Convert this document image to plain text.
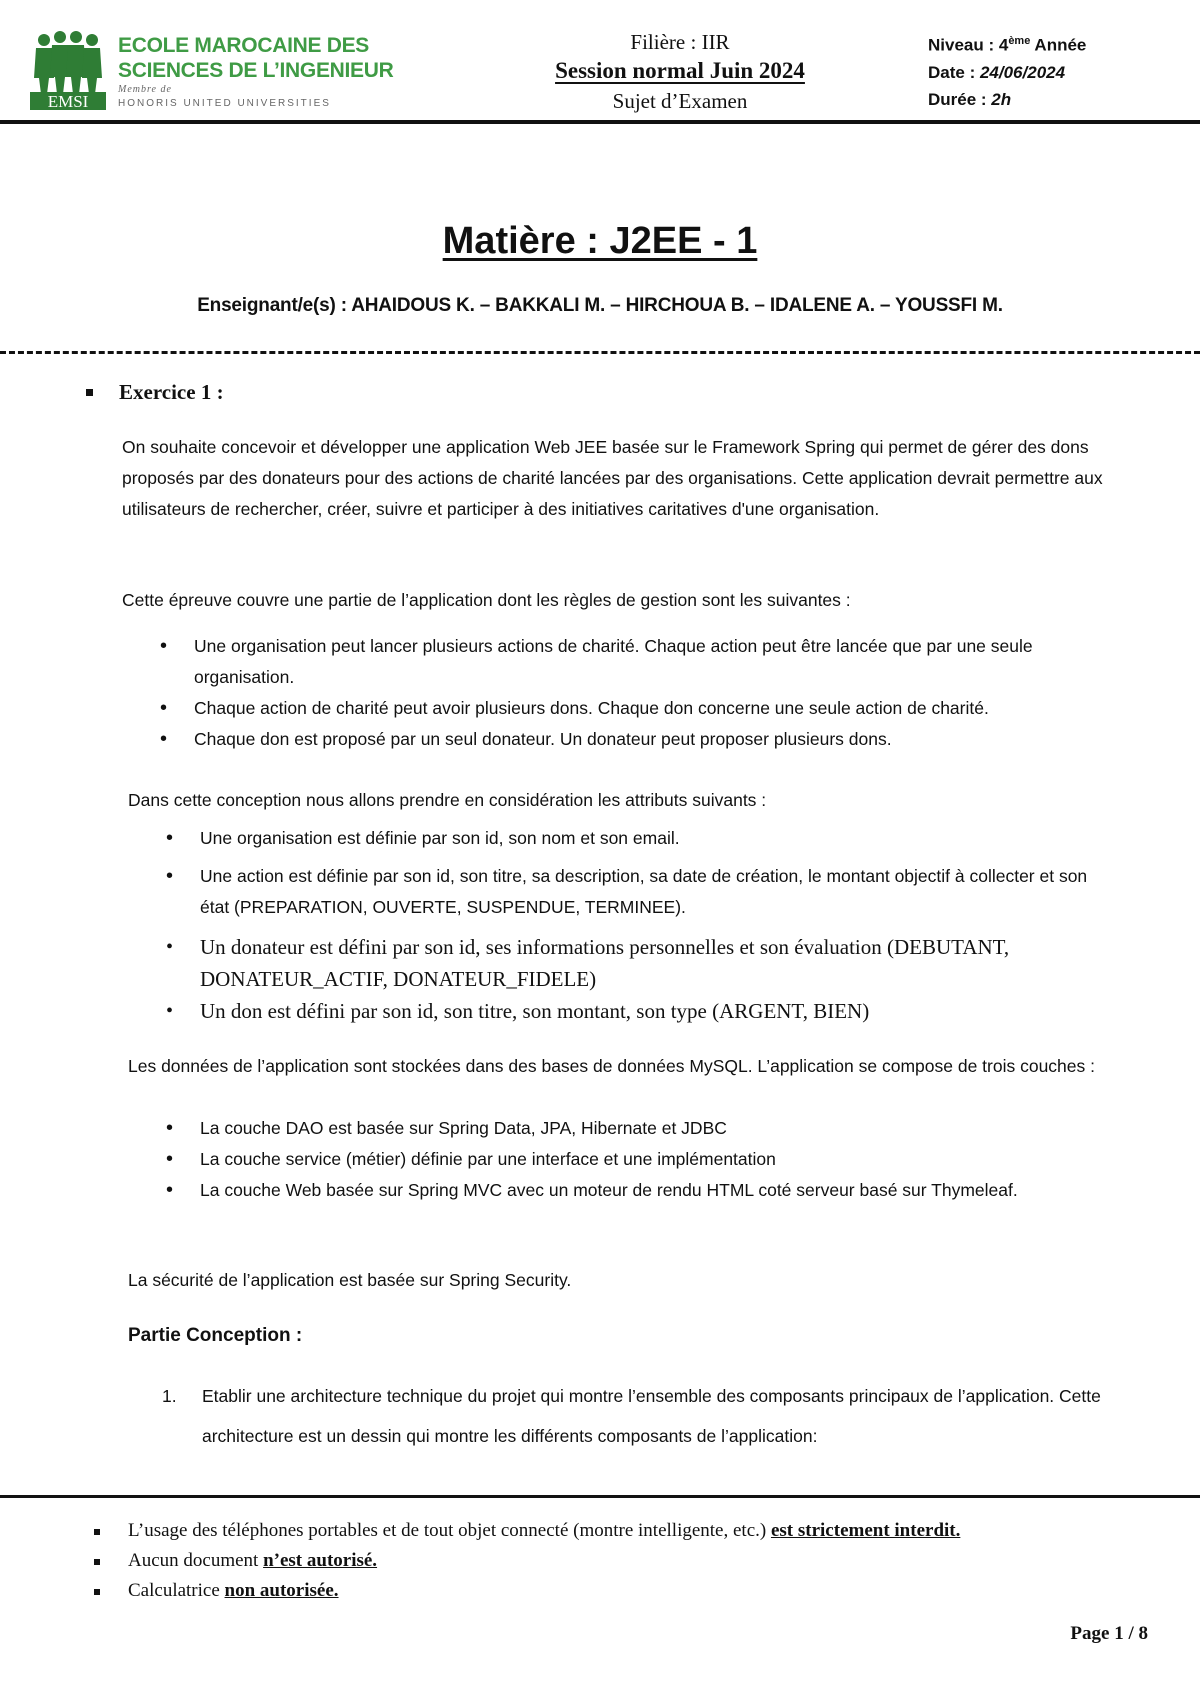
EMSI
ECOLE MAROCAINE DES
SCIENCES DE L’INGENIEUR
Membre de
HONORIS UNITED UNIVERSITIES
Filière : IIR
Session normal Juin 2024
Sujet d’Examen
Niveau : 4ème Année
Date : 24/06/2024
Durée : 2h
Matière : J2EE - 1
Enseignant/e(s) : AHAIDOUS K. – BAKKALI M. – HIRCHOUA B. – IDALENE A. – YOUSSFI M.
Exercice 1 :

On souhaite concevoir et développer une application Web JEE basée sur le Framework Spring qui permet de gérer des dons proposés par des donateurs pour des actions de charité lancées par des organisations. Cette application devrait permettre aux utilisateurs de rechercher, créer, suivre et participer à des initiatives caritatives d'une organisation.

Cette épreuve couvre une partie de l’application dont les règles de gestion sont les suivantes :

• Une organisation peut lancer plusieurs actions de charité. Chaque action peut être lancée que par une seule organisation.
• Chaque action de charité peut avoir plusieurs dons. Chaque don concerne une seule action de charité.
• Chaque don est proposé par un seul donateur. Un donateur peut proposer plusieurs dons.

Dans cette conception nous allons prendre en considération les attributs suivants :

• Une organisation est définie par son id, son nom et son email.
• Une action est définie par son id, son titre, sa description, sa date de création, le montant objectif à collecter et son état (PREPARATION, OUVERTE, SUSPENDUE, TERMINEE).
• Un donateur est défini par son id, ses informations personnelles et son évaluation (DEBUTANT, DONATEUR_ACTIF, DONATEUR_FIDELE)
• Un don est défini par son id, son titre, son montant, son type (ARGENT, BIEN)

Les données de l’application sont stockées dans des bases de données MySQL. L’application se compose de trois couches :

• La couche DAO est basée sur Spring Data, JPA, Hibernate et JDBC
• La couche service (métier) définie par une interface et une implémentation
• La couche Web basée sur Spring MVC avec un moteur de rendu HTML coté serveur basé sur Thymeleaf.

La sécurité de l’application est basée sur Spring Security.

Partie Conception :
1.	Etablir une architecture technique du projet qui montre l’ensemble des composants principaux de l’application. Cette architecture est un dessin qui montre les différents composants de l’application:
L’usage des téléphones portables et de tout objet connecté (montre intelligente, etc.) est strictement interdit.
Aucun document n’est autorisé.
Calculatrice non autorisée.
Page 1 / 8
